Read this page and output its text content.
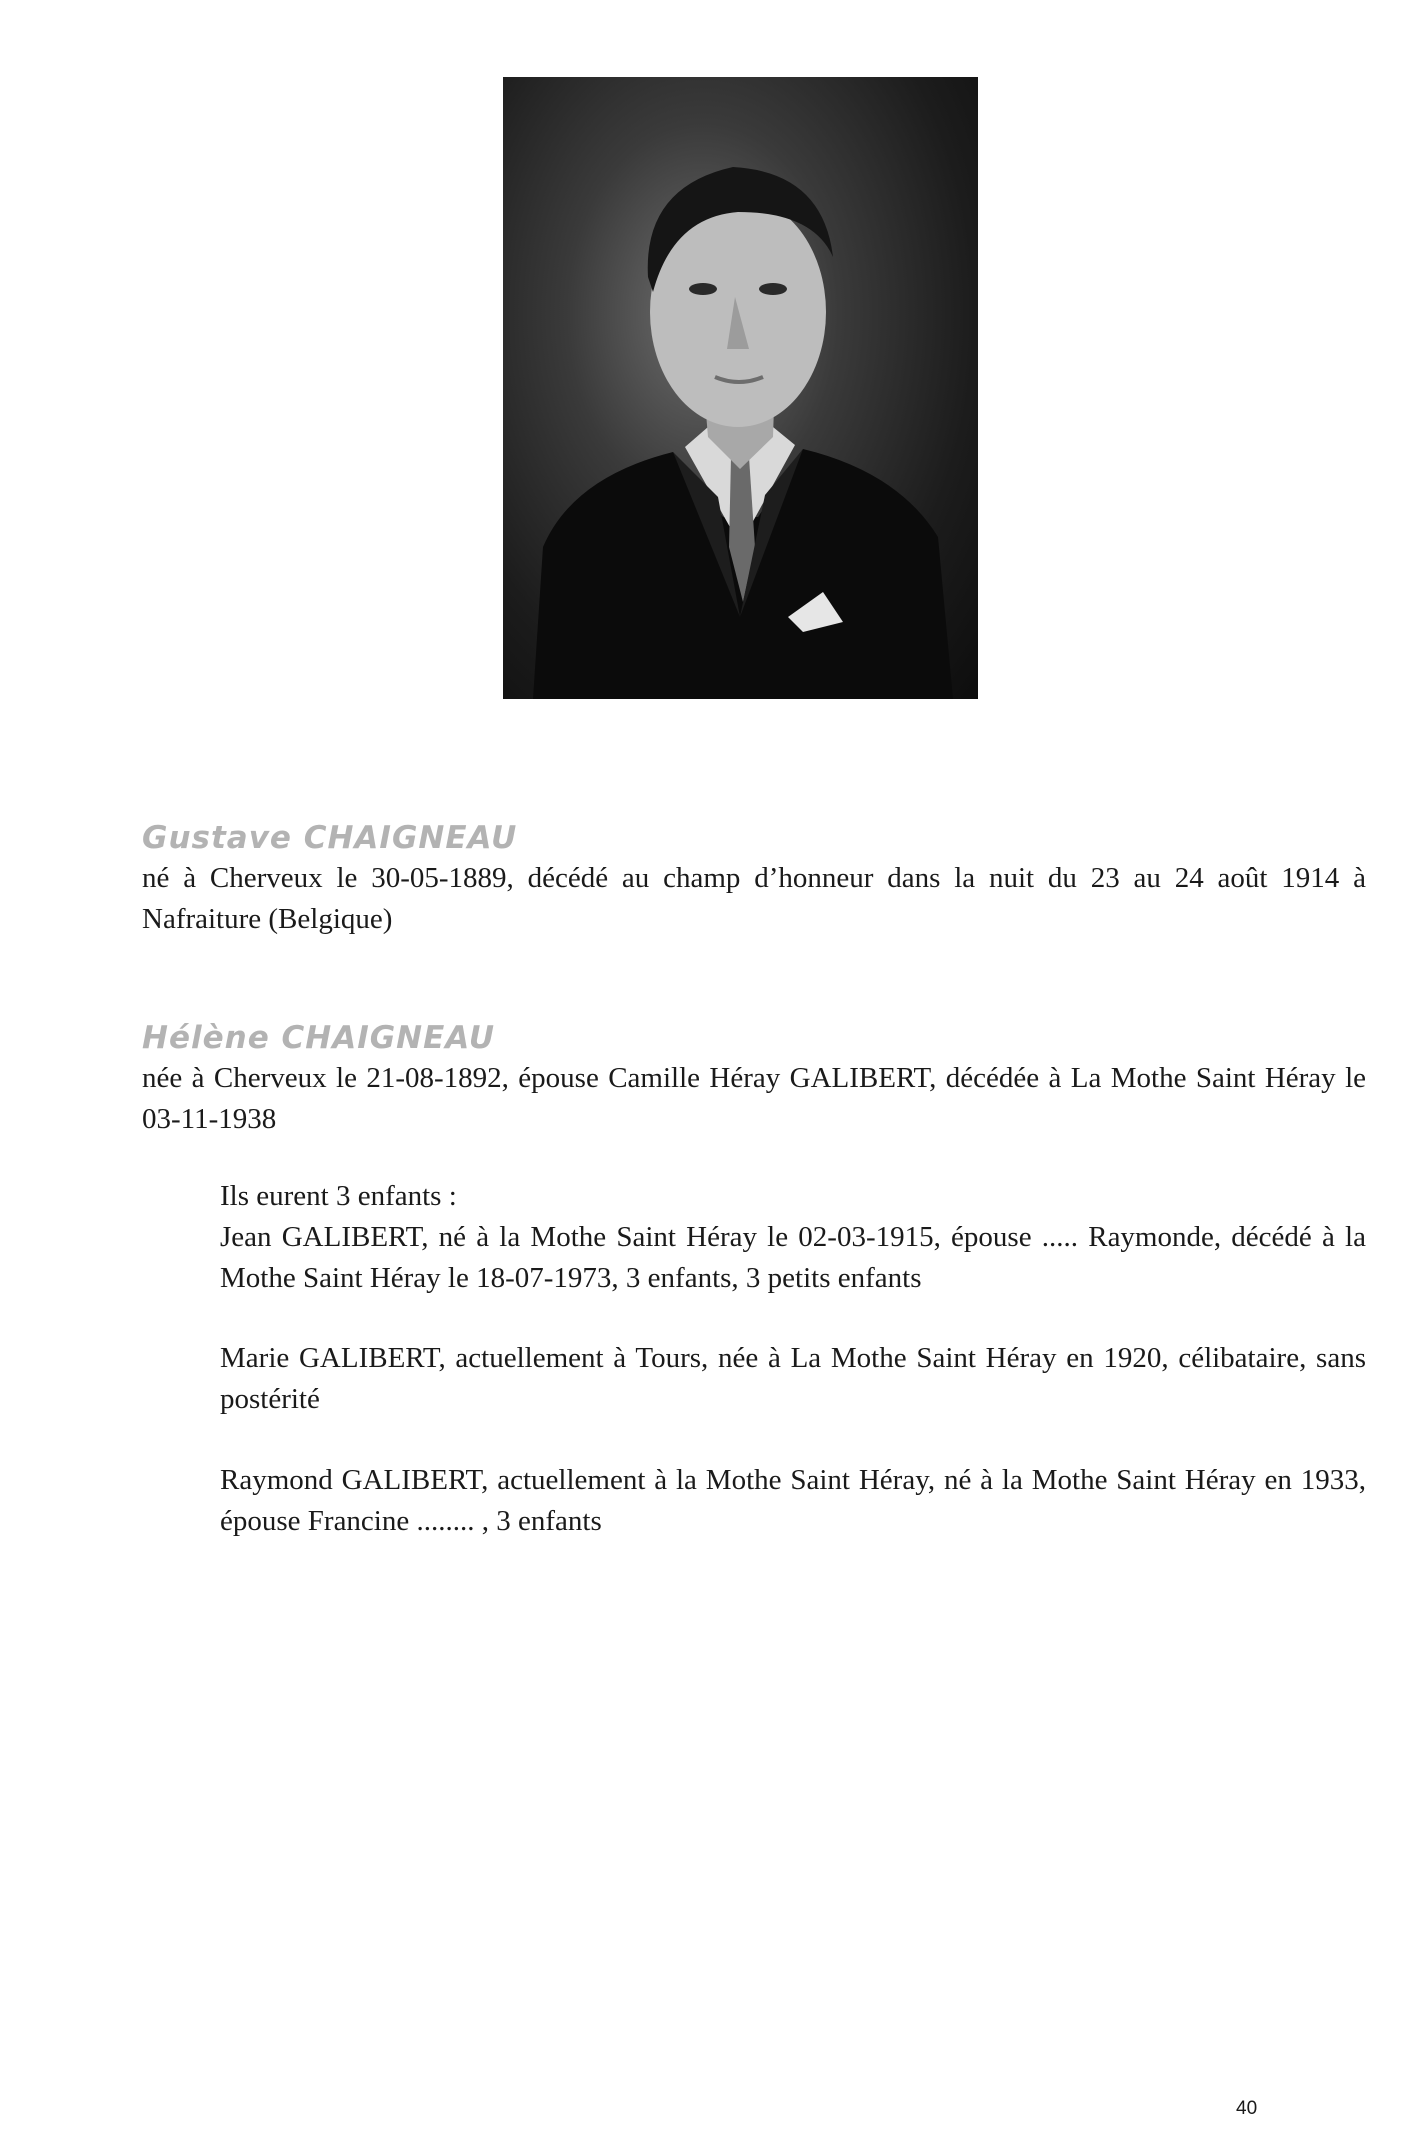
Gustave CHAIGNEAU

né à Cherveux le 30-05-1889, décédé au champ d’honneur dans la nuit du 23 au 24 août 1914 à Nafraiture (Belgique)

Hélène CHAIGNEAU

née à Cherveux le 21-08-1892, épouse Camille Héray GALIBERT, décédée à La Mothe Saint Héray le 03-11-1938

Ils eurent 3 enfants :

Jean GALIBERT, né à la Mothe Saint Héray le 02-03-1915, épouse ..... Raymonde, décédé à la Mothe Saint Héray le 18-07-1973, 3 enfants, 3 petits enfants

Marie GALIBERT, actuellement à Tours, née à La Mothe Saint Héray en 1920, célibataire, sans postérité

Raymond GALIBERT, actuellement à la Mothe Saint Héray, né à la Mothe Saint Héray en 1933, épouse Francine ........ , 3 enfants

40
